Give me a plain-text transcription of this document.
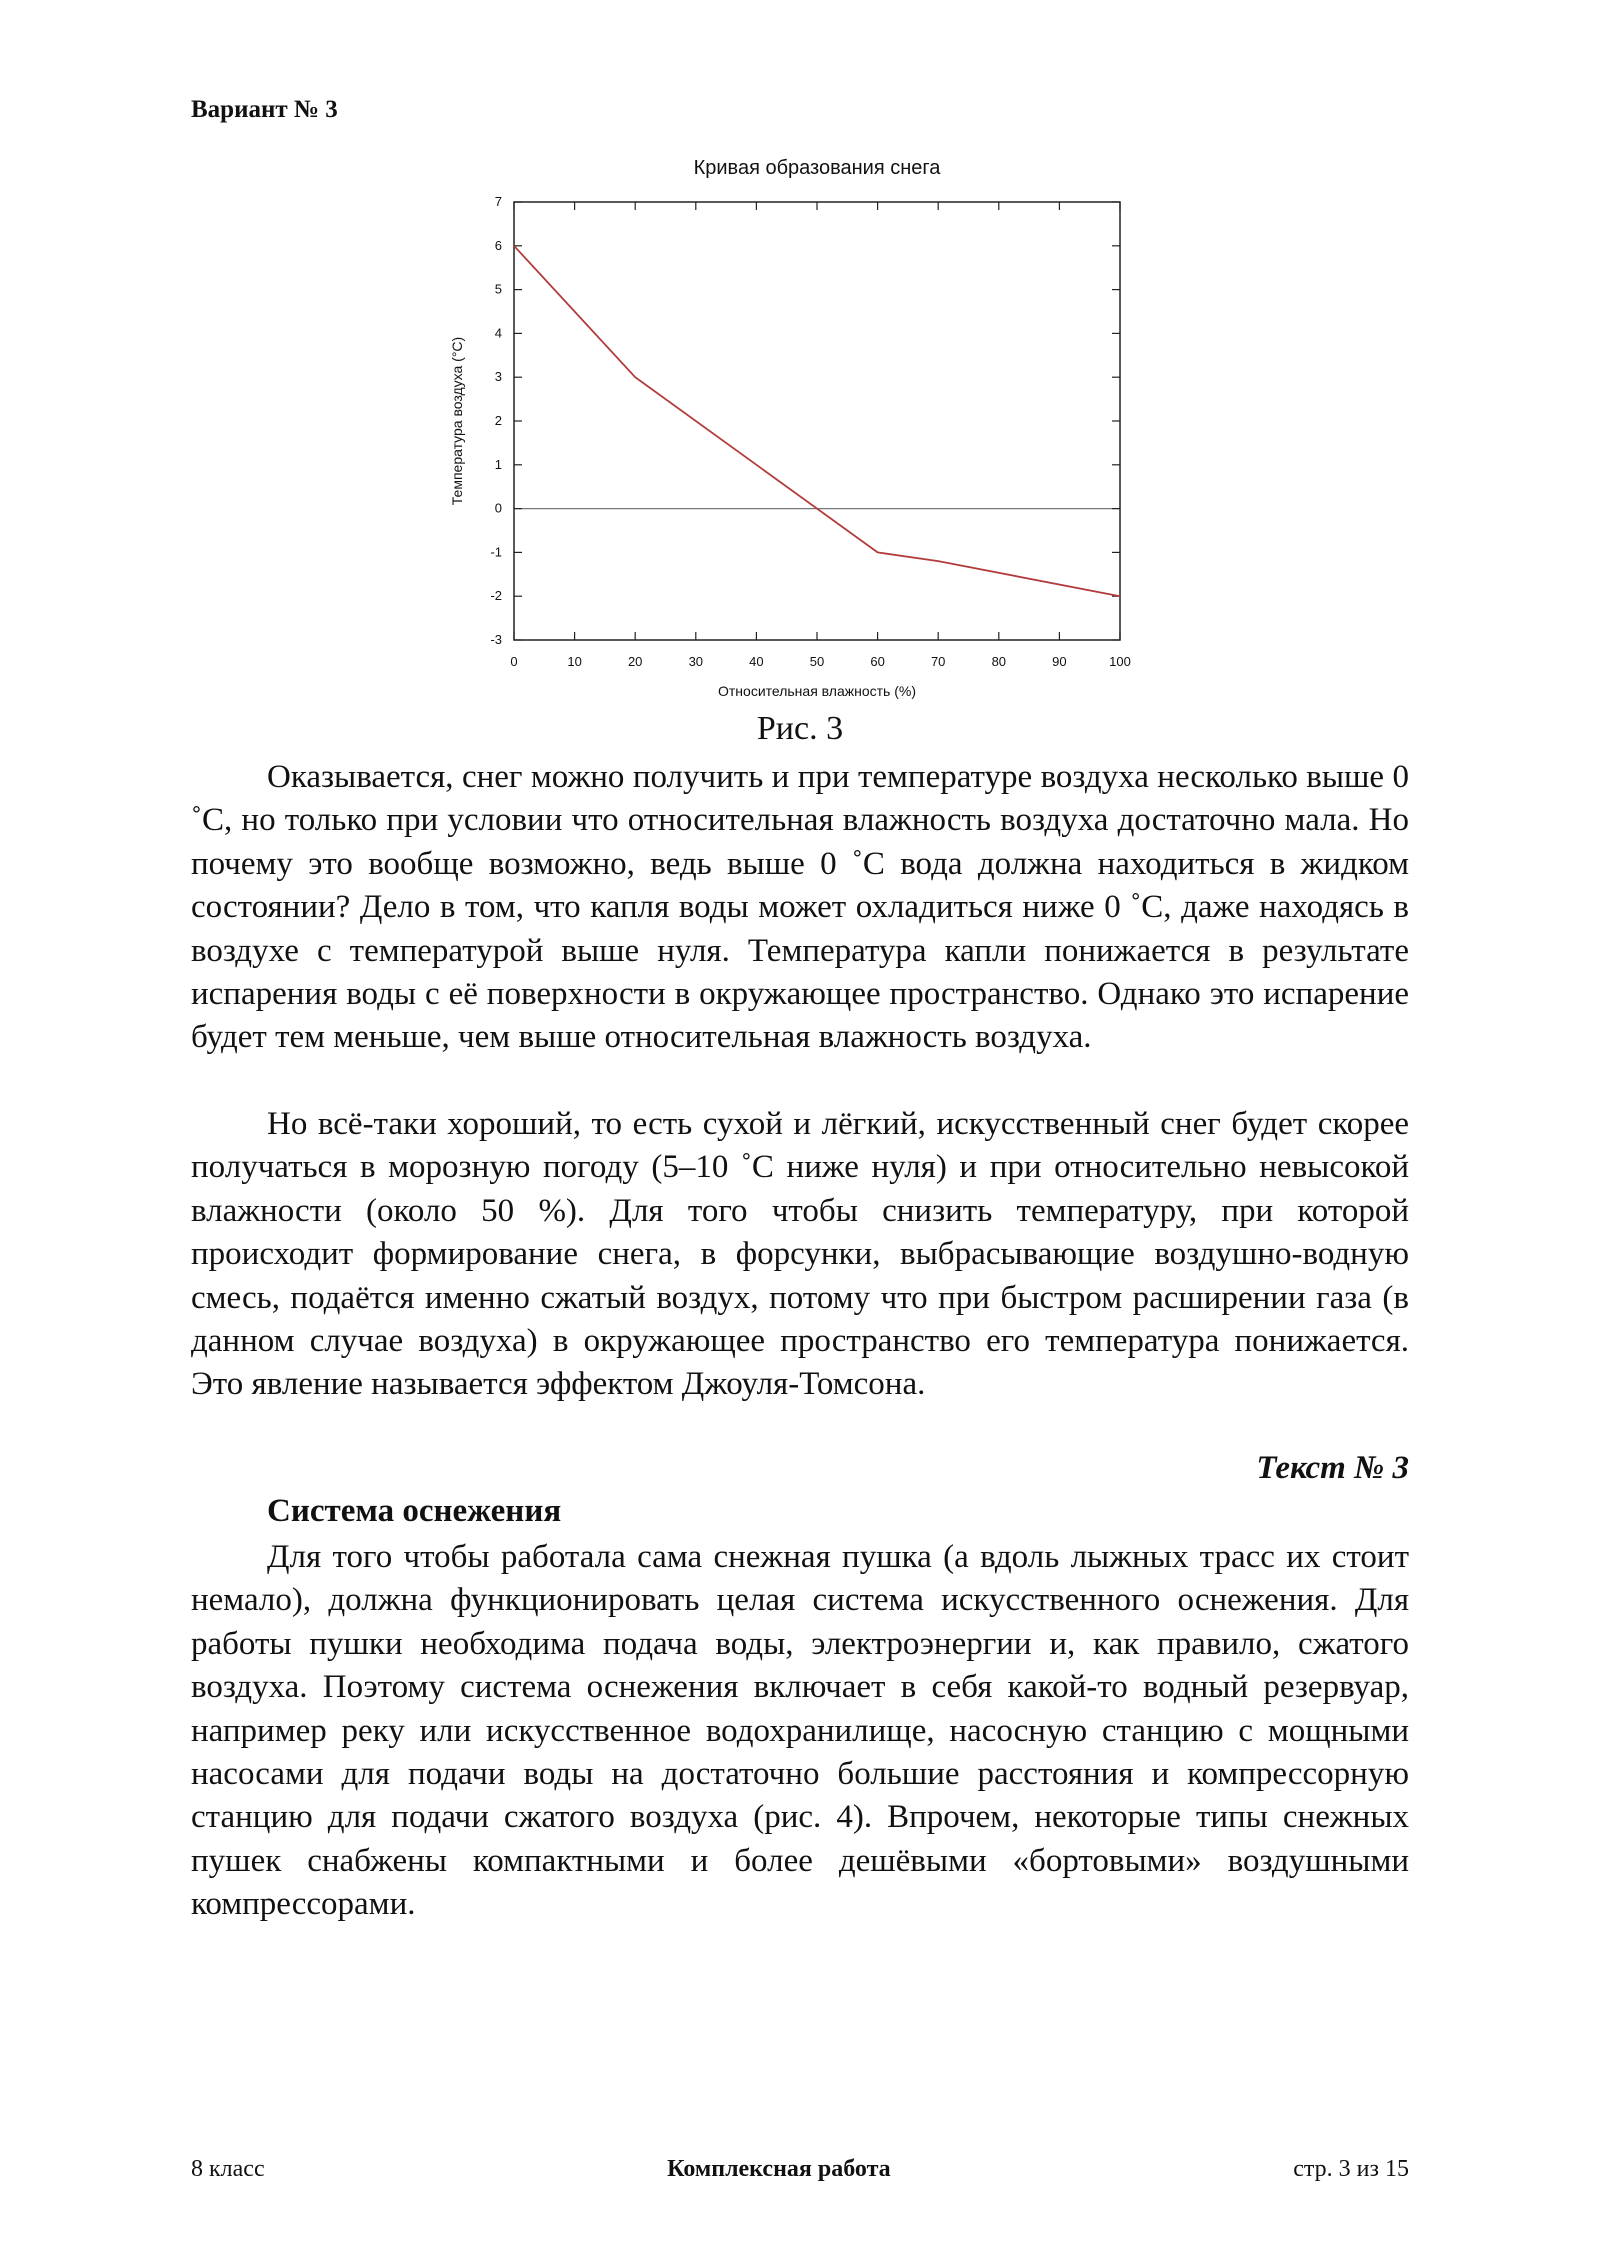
Вариант № 3
Кривая образования снега
0	10	20	30	40	50	60	70	80	90	100
-3
-2
-1
0
1
2
3
4
5
6
7
Относительная влажность (%)
Температура воздуха (°C)
Рис. 3

Оказывается, снег можно получить и при температуре воздуха несколько выше 0 ˚С, но только при условии что относительная влажность воздуха достаточно мала. Но почему это вообще возможно, ведь выше 0 ˚С вода должна находиться в жидком состоянии? Дело в том, что капля воды может охладиться ниже 0 ˚С, даже находясь в воздухе с температурой выше нуля. Температура капли понижается в результате испарения воды с её поверхности в окружающее пространство. Однако это испарение будет тем меньше, чем выше относительная влажность воздуха.

Но всё-таки хороший, то есть сухой и лёгкий, искусственный снег будет скорее получаться в морозную погоду (5–10 ˚С ниже нуля) и при относительно невысокой влажности (около 50 %). Для того чтобы снизить температуру, при которой происходит формирование снега, в форсунки, выбрасывающие воздушно-водную смесь, подаётся именно сжатый воздух, потому что при быстром расширении газа (в данном случае воздуха) в окружающее пространство его температура понижается. Это явление называется эффектом Джоуля-Томсона.

Текст № 3
Система оснежения

Для того чтобы работала сама снежная пушка (а вдоль лыжных трасс их стоит немало), должна функционировать целая система искусственного оснежения. Для работы пушки необходима подача воды, электроэнергии и, как правило, сжатого воздуха. Поэтому система оснежения включает в себя какой-то водный резервуар, например реку или искусственное водохранилище, насосную станцию с мощными насосами для подачи воды на достаточно большие расстояния и компрессорную станцию для подачи сжатого воздуха (рис. 4). Впрочем, некоторые типы снежных пушек снабжены компактными и более дешёвыми «бортовыми» воздушными компрессорами.

8 класс	Комплексная работа	стр. 3 из 15
